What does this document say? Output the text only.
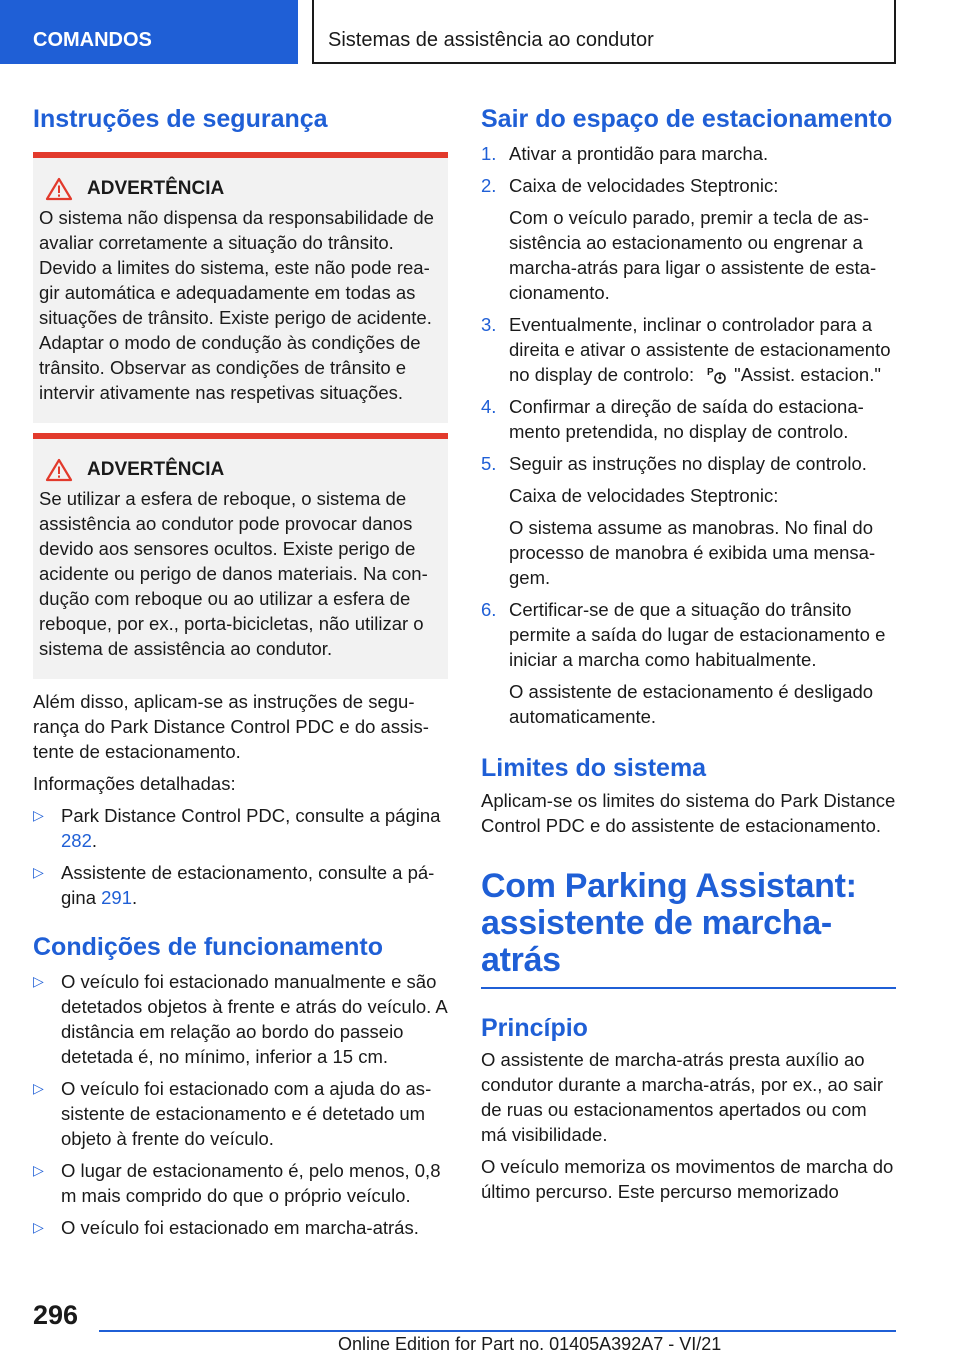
COMANDOS	Sistemas de assistência ao condutor
Instruções de segurança
ADVERTÊNCIA
O sistema não dispensa da responsabilidade de avaliar corretamente a situação do trânsito. Devido a limites do sistema, este não pode reagir automática e adequadamente em todas as situações de trânsito. Existe perigo de acidente. Adaptar o modo de condução às condições de trânsito. Observar as condições de trânsito e intervir ativamente nas respetivas situações.
ADVERTÊNCIA
Se utilizar a esfera de reboque, o sistema de assistência ao condutor pode provocar danos devido aos sensores ocultos. Existe perigo de acidente ou perigo de danos materiais. Na condução com reboque ou ao utilizar a esfera de reboque, por ex., porta-bicicletas, não utilizar o sistema de assistência ao condutor.

Além disso, aplicam-se as instruções de segurança do Park Distance Control PDC e do assistente de estacionamento.

Informações detalhadas:

▷ Park Distance Control PDC, consulte a página 282.
▷ Assistente de estacionamento, consulte a página 291.
Condições de funcionamento
▷ O veículo foi estacionado manualmente e são detetados objetos à frente e atrás do veículo. A distância em relação ao bordo do passeio detetada é, no mínimo, inferior a 15 cm.
▷ O veículo foi estacionado com a ajuda do assistente de estacionamento e é detetado um objeto à frente do veículo.
▷ O lugar de estacionamento é, pelo menos, 0,8 m mais comprido do que o próprio veículo.
▷ O veículo foi estacionado em marcha-atrás.
Sair do espaço de estacionamento
1. Ativar a prontidão para marcha.
2. Caixa de velocidades Steptronic:
Com o veículo parado, premir a tecla de assistência ao estacionamento ou engrenar a marcha-atrás para ligar o assistente de estacionamento.
3. Eventualmente, inclinar o controlador para a direita e ativar o assistente de estacionamento no display de controlo: P "Assist. estacion."
4. Confirmar a direção de saída do estacionamento pretendida, no display de controlo.
5. Seguir as instruções no display de controlo.
Caixa de velocidades Steptronic:
O sistema assume as manobras. No final do processo de manobra é exibida uma mensagem.
6. Certificar-se de que a situação do trânsito permite a saída do lugar de estacionamento e iniciar a marcha como habitualmente.
O assistente de estacionamento é desligado automaticamente.
Limites do sistema

Aplicam-se os limites do sistema do Park Distance Control PDC e do assistente de estacionamento.

Com Parking Assistant: assistente de marcha-atrás
Princípio

O assistente de marcha-atrás presta auxílio ao condutor durante a marcha-atrás, por ex., ao sair de ruas ou estacionamentos apertados ou com má visibilidade.

O veículo memoriza os movimentos de marcha do último percurso. Este percurso memorizado

296
Online Edition for Part no. 01405A392A7 - VI/21
